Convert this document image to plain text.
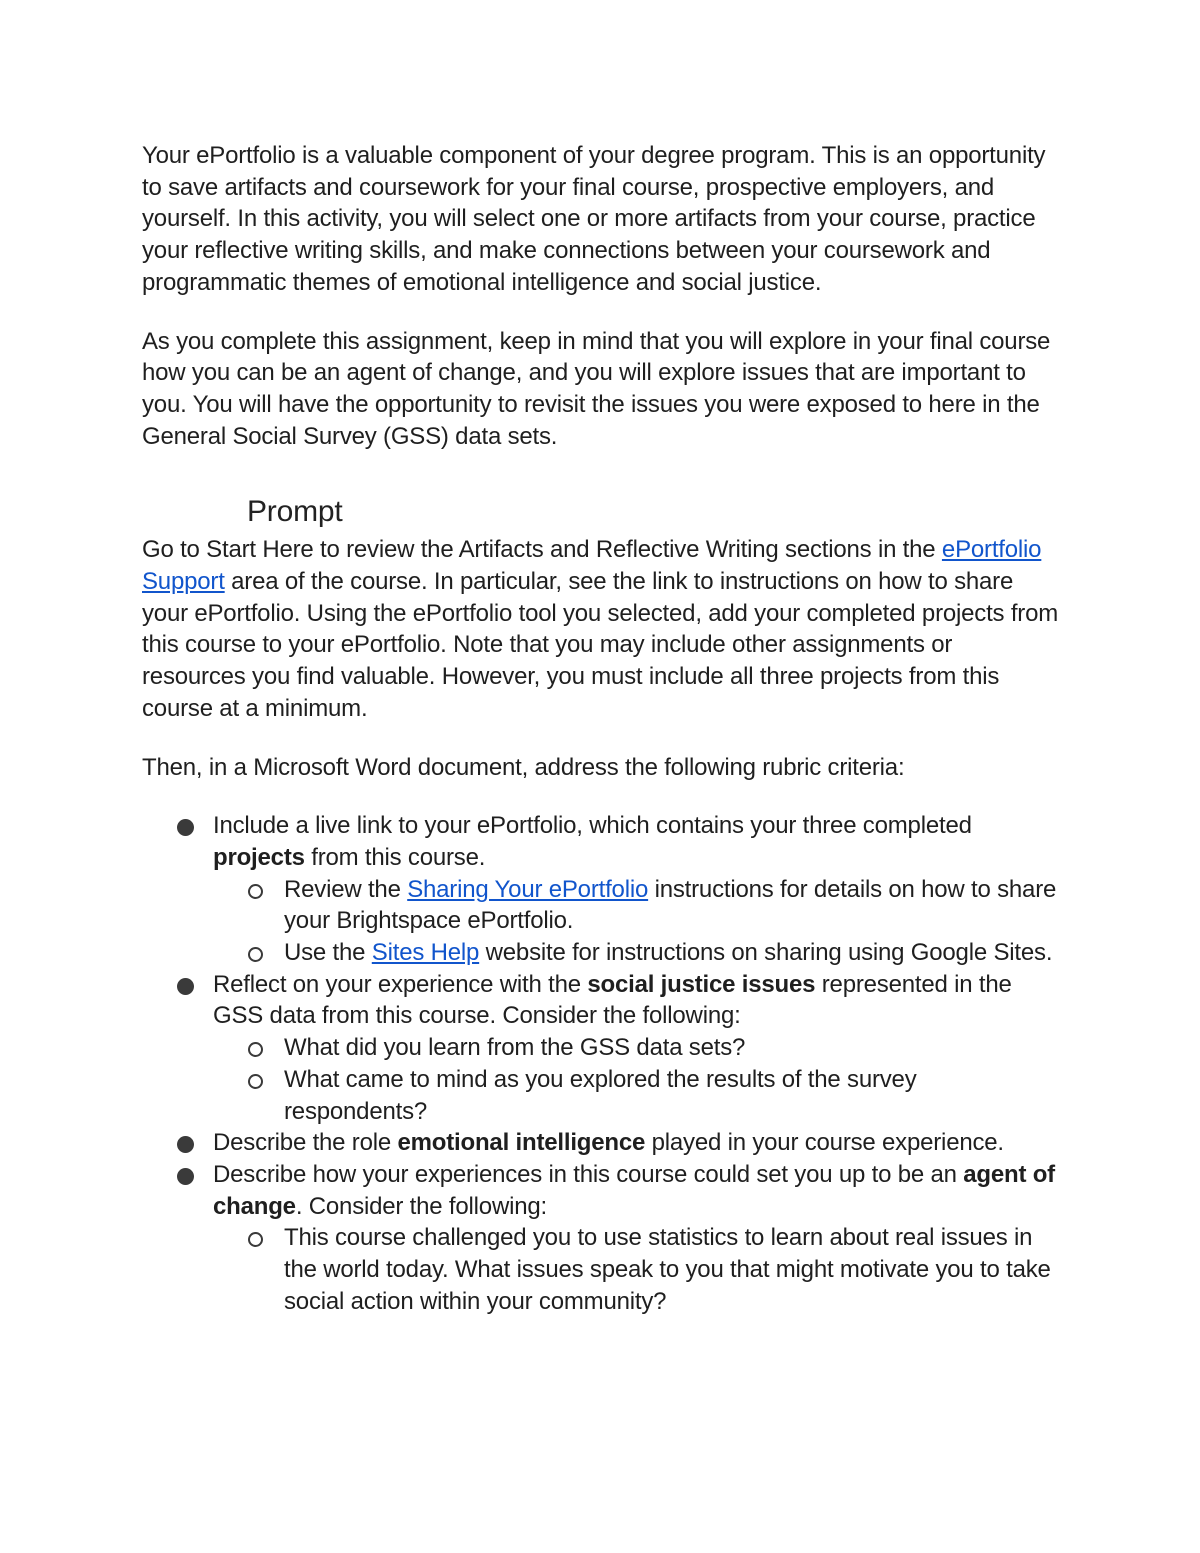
Your ePortfolio is a valuable component of your degree program. This is an opportunity to save artifacts and coursework for your final course, prospective employers, and yourself. In this activity, you will select one or more artifacts from your course, practice your reflective writing skills, and make connections between your coursework and programmatic themes of emotional intelligence and social justice.

As you complete this assignment, keep in mind that you will explore in your final course how you can be an agent of change, and you will explore issues that are important to you. You will have the opportunity to revisit the issues you were exposed to here in the General Social Survey (GSS) data sets.

Prompt

Go to Start Here to review the Artifacts and Reflective Writing sections in the ePortfolio Support area of the course. In particular, see the link to instructions on how to share your ePortfolio. Using the ePortfolio tool you selected, add your completed projects from this course to your ePortfolio. Note that you may include other assignments or resources you find valuable. However, you must include all three projects from this course at a minimum.

Then, in a Microsoft Word document, address the following rubric criteria:

Include a live link to your ePortfolio, which contains your three completed projects from this course.
Review the Sharing Your ePortfolio instructions for details on how to share your Brightspace ePortfolio.
Use the Sites Help website for instructions on sharing using Google Sites.
Reflect on your experience with the social justice issues represented in the GSS data from this course. Consider the following:
What did you learn from the GSS data sets?
What came to mind as you explored the results of the survey respondents?
Describe the role emotional intelligence played in your course experience.
Describe how your experiences in this course could set you up to be an agent of change. Consider the following:
This course challenged you to use statistics to learn about real issues in the world today. What issues speak to you that might motivate you to take social action within your community?
